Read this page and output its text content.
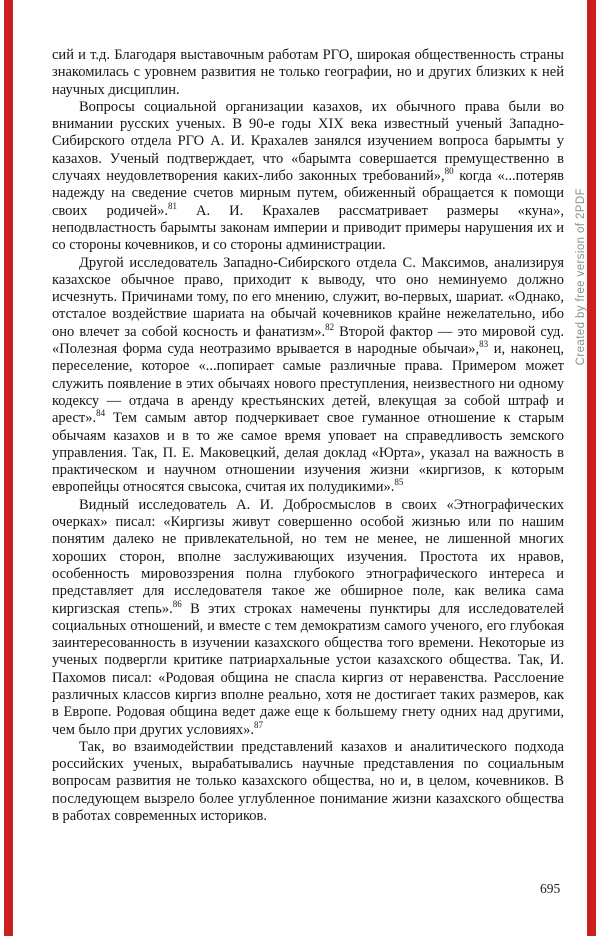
Created by free version of 2PDF

сий и т.д. Благодаря выставочным работам РГО, широкая общественность страны знакомилась с уровнем развития не только географии, но и других близких к ней научных дисциплин.

Вопросы социальной организации казахов, их обычного права были во внимании русских ученых. В 90-е годы XIX века известный ученый Западно-Сибирского отдела РГО А. И. Крахалев занялся изучением вопроса барымты у казахов. Ученый подтверждает, что «барымта совершается премущественно в случаях неудовлетворения каких-либо законных требований»,$^{80}$ когда «...потеряв надежду на сведение счетов мирным путем, обиженный обращается к помощи своих родичей».$^{81}$ А. И. Крахалев рассматривает размеры «куна», неподвластность барымты законам империи и приводит примеры нарушения их и со стороны кочевников, и со стороны администрации.

Другой исследователь Западно-Сибирского отдела С. Максимов, анализируя казахское обычное право, приходит к выводу, что оно неминуемо должно исчезнуть. Причинами тому, по его мнению, служит, во-первых, шариат. «Однако, отсталое воздействие шариата на обычай кочевников крайне нежелательно, ибо оно влечет за собой косность и фанатизм».$^{82}$ Второй фактор — это мировой суд. «Полезная форма суда неотразимо врывается в народные обычаи»,$^{83}$ и, наконец, переселение, которое «...попирает самые различные права. Примером может служить появление в этих обычаях нового преступления, неизвестного ни одному кодексу — отдача в аренду крестьянских детей, влекущая за собой штраф и арест».$^{84}$ Тем самым автор подчеркивает свое гуманное отношение к старым обычаям казахов и в то же самое время уповает на справедливость земского управления. Так, П. Е. Маковецкий, делая доклад «Юрта», указал на важность в практическом и научном отношении изучения жизни «киргизов, к которым европейцы относятся свысока, считая их полудикими».$^{85}$

Видный исследователь А. И. Добросмыслов в своих «Этнографических очерках» писал: «Киргизы живут совершенно особой жизнью или по нашим понятим далеко не привлекательной, но тем не менее, не лишенной многих хороших сторон, вполне заслуживающих изучения. Простота их нравов, особенность мировоззрения полна глубокого этнографического интереса и представляет для исследователя такое же обширное поле, как велика сама киргизская степь».$^{86}$ В этих строках намечены пунктиры для исследователей социальных отношений, и вместе с тем демократизм самого ученого, его глубокая заинтересованность в изучении казахского общества того времени. Некоторые из ученых подвергли критике патриархальные устои казахского общества. Так, И. Пахомов писал: «Родовая община не спасла киргиз от неравенства. Расслоение различных классов киргиз вполне реально, хотя не достигает таких размеров, как в Европе. Родовая община ведет даже еще к большему гнету одних над другими, чем было при других условиях».$^{87}$

Так, во взаимодействии представлений казахов и аналитического подхода российских ученых, вырабатывались научные представления по социальным вопросам развития не только казахского общества, но и, в целом, кочевников. В последующем вызрело более углубленное понимание жизни казахского общества в работах современных историков.

695
